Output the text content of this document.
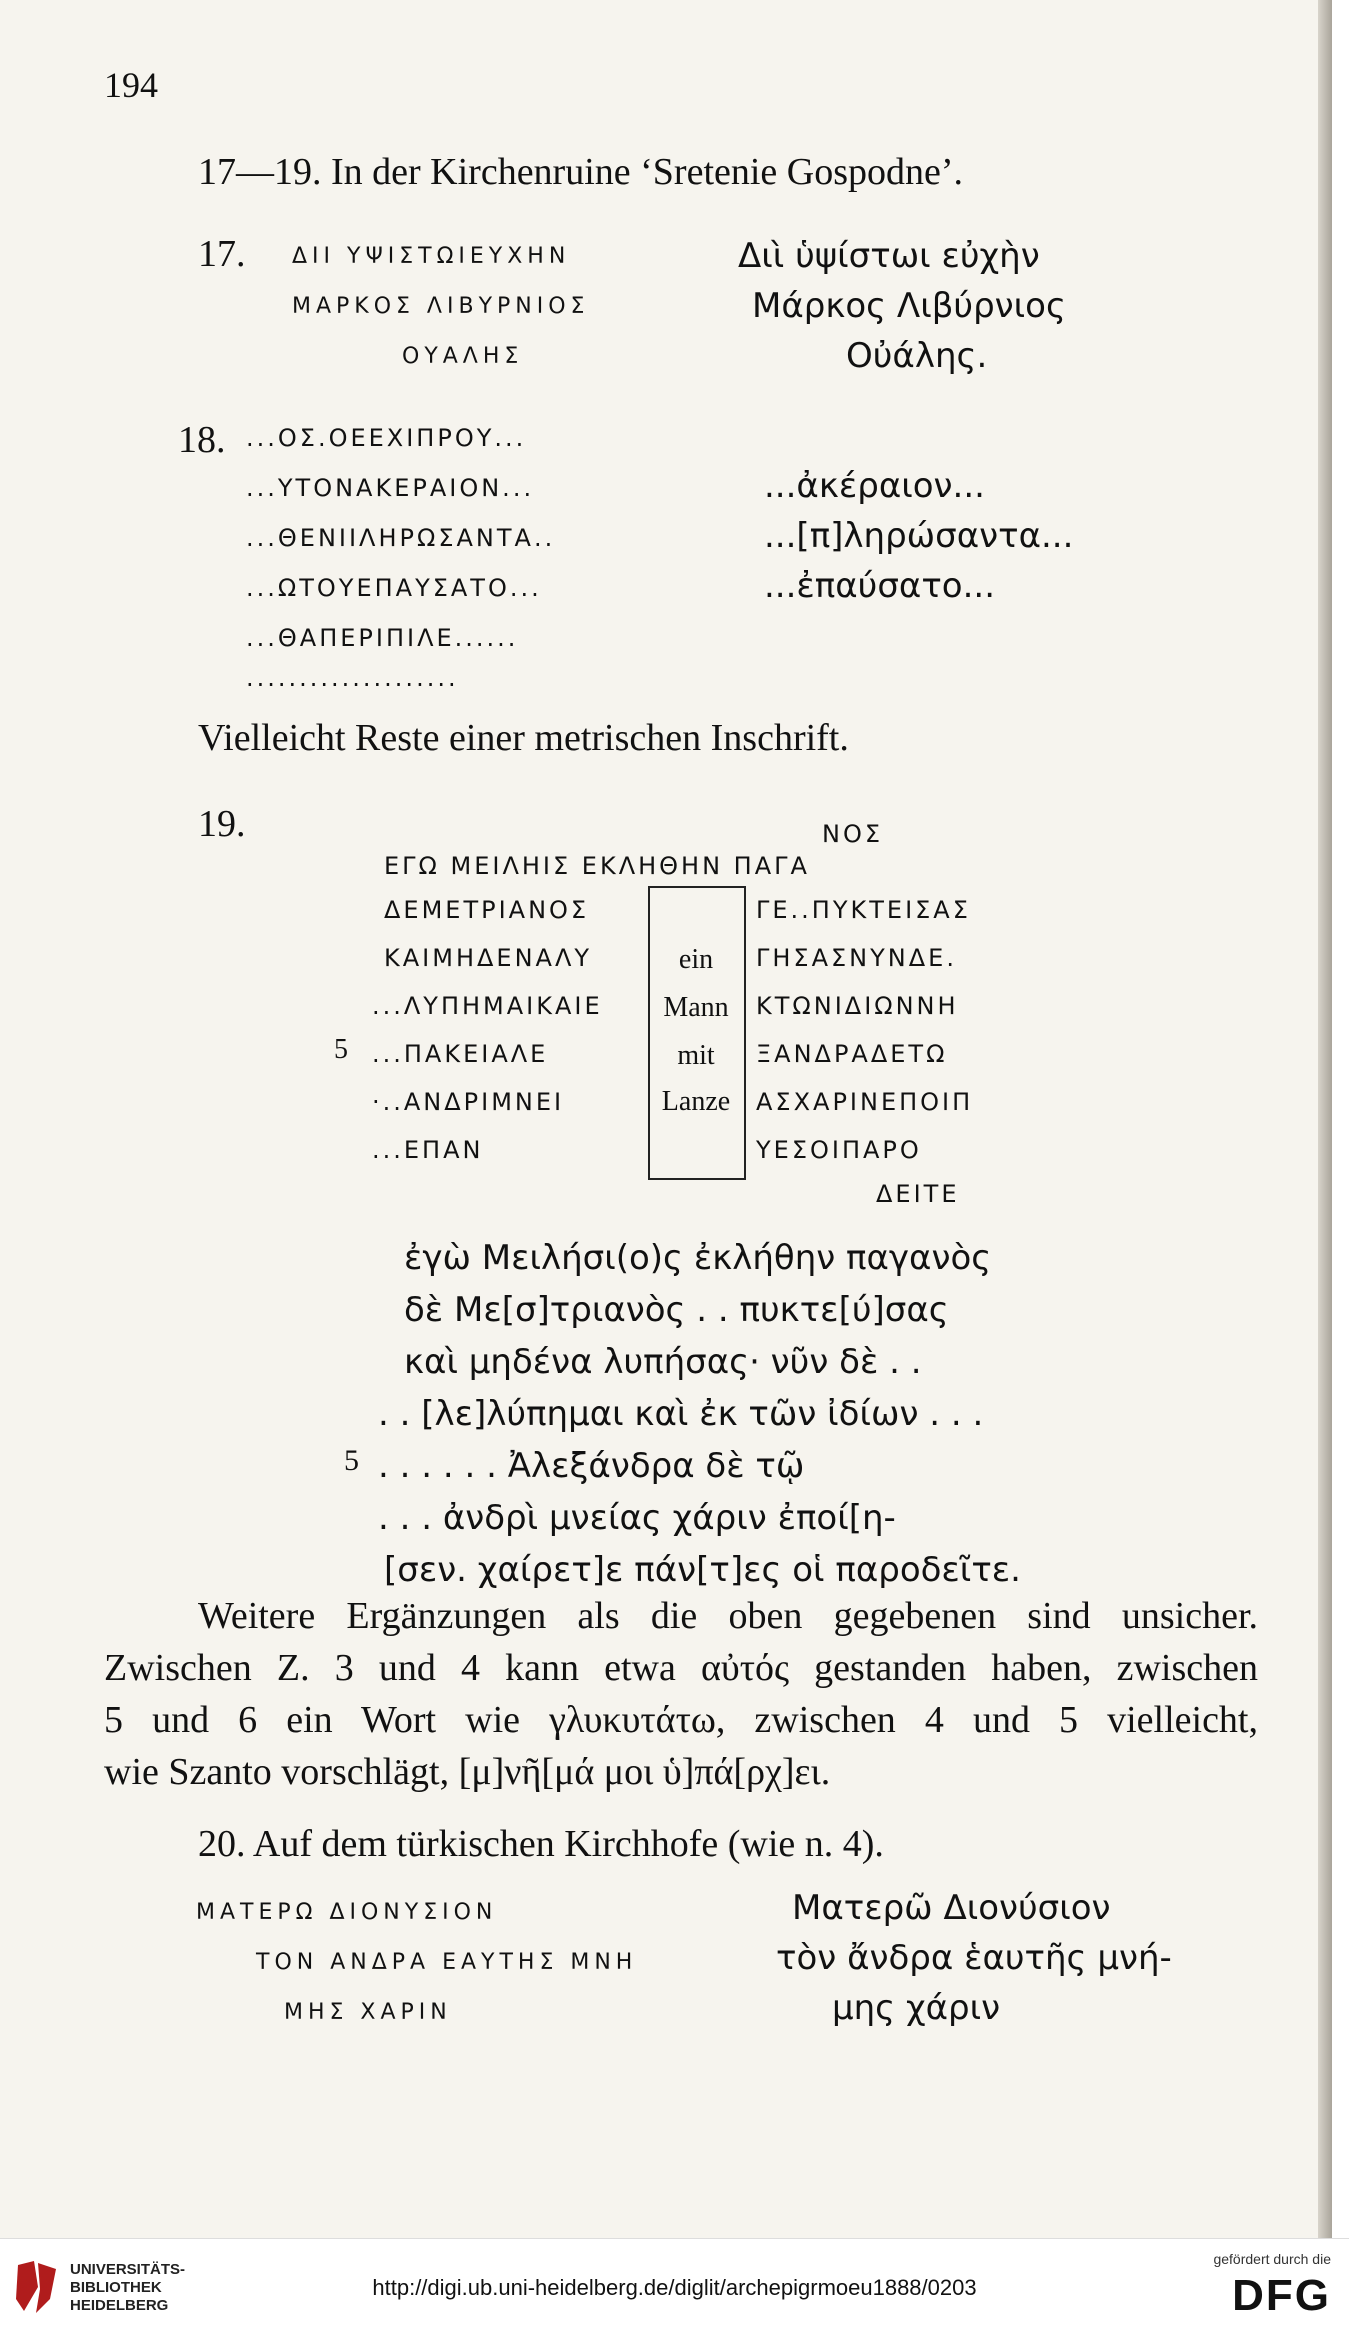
194
17—19. In der Kirchenruine ‘Sretenie Gospodne’.
17. ΔΙΙ ΥΨΙΣΤΩΙΕΥΧΗΝ
ΜΑΡΚΟΣ ΛΙΒΥΡΝΙΟΣ
ΟΥΑΛΗΣ
Διὶ ὑψίστωι εὐχὴν
Μάρκος Λιβύρνιος
Οὐάλης.
18. ...ΟΣ.ΟΕΕΧΙΠΡΟΥ...
...ΥΤΟΝΑΚΕΡΑΙΟΝ...
...ΘΕΝΙΙΛΗΡΩΣΑΝΤΑ..
...ΩΤΟΥΕΠΑΥΣΑΤΟ...
...ΘΑΠΕΡΙΠΙΛΕ......
....................
...ἀκέραιον...
...[π]ληρώσαντα...
...ἐπαύσατο...
Vielleicht Reste einer metrischen Inschrift.
19.	ΝΟΣ
ΕΓΩ ΜΕΙΛΗΙΣ ΕΚΛΗΘΗΝ ΠΑΓΑ
ΔΕΜΕΤΡΙΑΝΟΣ
ΚΑΙΜΗΔΕΝΑΛΥ
...ΛΥΠΗΜΑΙΚΑΙΕ
5 ...ΠΑΚΕΙΑΛΕ
·..ΑΝΔΡΙΜΝΕΙ
...ΕΠΑΝ
ein
Mann
mit
Lanze
ΓΕ..ΠΥΚΤΕΙΣΑΣ
ΓΗΣΑΣΝΥΝΔΕ.
ΚΤΩΝΙΔΙΩΝΝΗ
ΞΑΝΔΡΑΔΕΤΩ
ΑΣΧΑΡΙΝΕΠΟΙΠ
ΥΕΣΟΙΠΑΡΟ
ΔΕΙΤΕ
ἐγὼ Μειλήσι(ο)ς ἐκλήθην παγανὸς
δὲ Με[σ]τριανὸς . . πυκτε[ύ]σας
καὶ μηδένα λυπήσας· νῦν δὲ . .
. . [λε]λύπημαι καὶ ἐκ τῶν ἰδίων . . .
5 . . . . . . Ἀλεξάνδρα δὲ τῷ
. . . ἀνδρὶ μνείας χάριν ἐποί[η-
[σεν. χαίρετ]ε πάν[τ]ες οἱ παροδεῖτε.
Weitere Ergänzungen als die oben gegebenen sind unsicher.
Zwischen Z. 3 und 4 kann etwa αὐτός gestanden haben, zwischen
5 und 6 ein Wort wie γλυκυτάτω, zwischen 4 und 5 vielleicht,
wie Szanto vorschlägt, [μ]νῆ[μά μοι ὑ]πά[ρχ]ει.
20. Auf dem türkischen Kirchhofe (wie n. 4).
ΜΑΤΕΡΩ ΔΙΟΝΥΣΙΟΝ
ΤΟΝ ΑΝΔΡΑ ΕΑΥΤΗΣ ΜΝΗ
ΜΗΣ ΧΑΡΙΝ
Ματερῶ Διονύσιον
τὸν ἄνδρα ἑαυτῆς μνή-
μης χάριν
UNIVERSITÄTS-
BIBLIOTHEK
HEIDELBERG
http://digi.ub.uni-heidelberg.de/diglit/archepigrmoeu1888/0203
gefördert durch die
DFG
